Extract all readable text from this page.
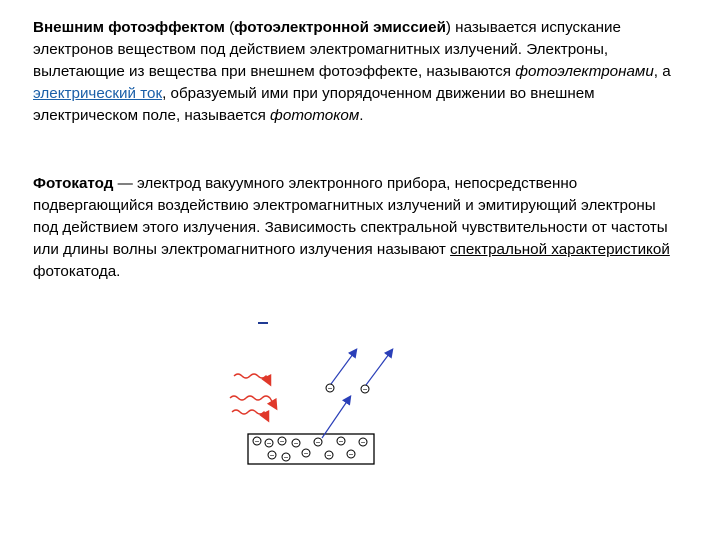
Внешним фотоэффектом (фотоэлектронной эмиссией) называется испускание электронов веществом под действием электромагнитных излучений. Электроны, вылетающие из вещества при внешнем фотоэффекте, называются фотоэлектронами, а электрический ток, образуемый ими при упорядоченном движении во внешнем электрическом поле, называется фототоком.

Фотокатод — электрод вакуумного электронного прибора, непосредственно подвергающийся воздействию электромагнитных излучений и эмитирующий электроны под действием этого излучения. Зависимость спектральной чувствительности от частоты или длины волны электромагнитного излучения называют спектральной характеристикой фотокатода.

−	−
− − − − − − −
− − − − −
